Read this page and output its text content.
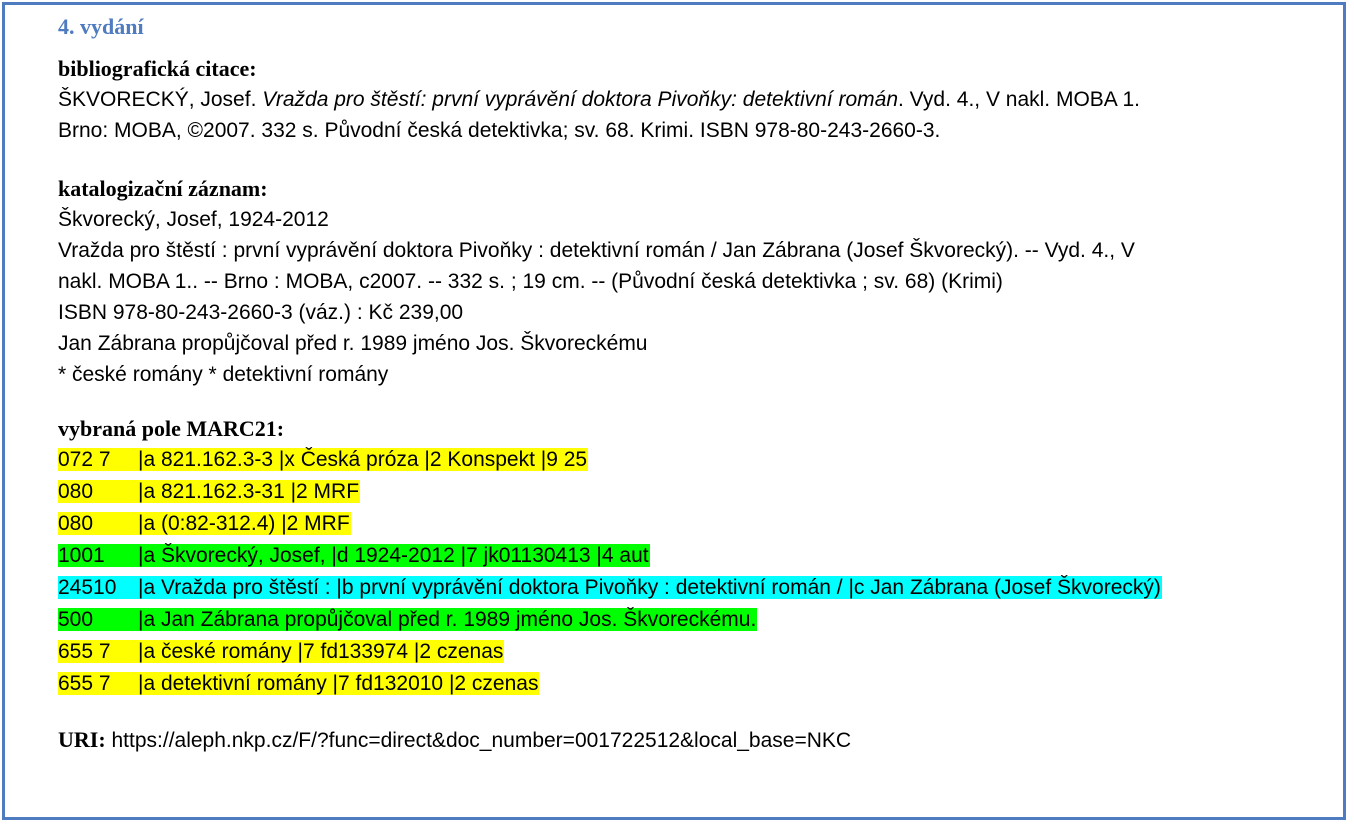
4. vydání
bibliografická citace:
ŠKVORECKÝ, Josef. Vražda pro štěstí: první vyprávění doktora Pivoňky: detektivní román. Vyd. 4., V nakl. MOBA 1.
Brno: MOBA, ©2007. 332 s. Původní česká detektivka; sv. 68. Krimi. ISBN 978-80-243-2660-3.
katalogizační záznam:
Škvorecký, Josef, 1924-2012
Vražda pro štěstí : první vyprávění doktora Pivoňky : detektivní román / Jan Zábrana (Josef Škvorecký). -- Vyd. 4., V
nakl. MOBA 1.. -- Brno : MOBA, c2007. -- 332 s. ; 19 cm. -- (Původní česká detektivka ; sv. 68) (Krimi)
ISBN 978-80-243-2660-3 (váz.) : Kč 239,00
Jan Zábrana propůjčoval před r. 1989 jméno Jos. Škvoreckému
* české romány * detektivní romány
vybraná pole MARC21:
072 7 |a 821.162.3-3 |x Česká próza |2 Konspekt |9 25
080 |a 821.162.3-31 |2 MRF
080 |a (0:82-312.4) |2 MRF
1001 |a Škvorecký, Josef, |d 1924-2012 |7 jk01130413 |4 aut
24510 |a Vražda pro štěstí : |b první vyprávění doktora Pivoňky : detektivní román / |c Jan Zábrana (Josef Škvorecký)
500 |a Jan Zábrana propůjčoval před r. 1989 jméno Jos. Škvoreckému.
655 7 |a české romány |7 fd133974 |2 czenas
655 7 |a detektivní romány |7 fd132010 |2 czenas
URI: https://aleph.nkp.cz/F/?func=direct&doc_number=001722512&local_base=NKC
